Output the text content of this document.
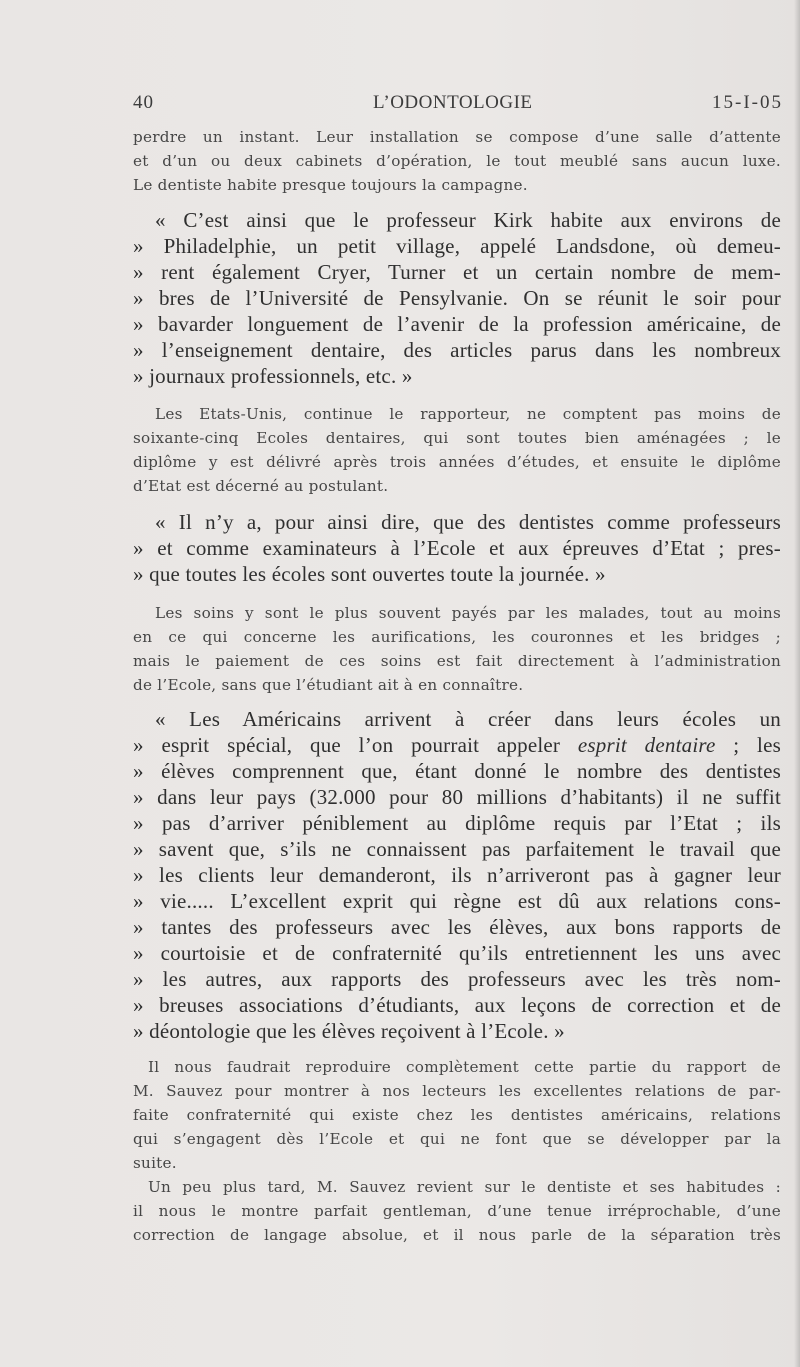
40	L’ODONTOLOGIE	15-I-05
perdre un instant. Leur installation se compose d’une salle d’attente
et d’un ou deux cabinets d’opération, le tout meublé sans aucun luxe.
Le dentiste habite presque toujours la campagne.
« C’est ainsi que le professeur Kirk habite aux environs de
» Philadelphie, un petit village, appelé Landsdone, où demeu-
» rent également Cryer, Turner et un certain nombre de mem-
» bres de l’Université de Pensylvanie. On se réunit le soir pour
» bavarder longuement de l’avenir de la profession américaine, de
» l’enseignement dentaire, des articles parus dans les nombreux
» journaux professionnels, etc. »
Les Etats-Unis, continue le rapporteur, ne comptent pas moins de
soixante-cinq Ecoles dentaires, qui sont toutes bien aménagées ; le
diplôme y est délivré après trois années d’études, et ensuite le diplôme
d’Etat est décerné au postulant.
« Il n’y a, pour ainsi dire, que des dentistes comme professeurs
» et comme examinateurs à l’Ecole et aux épreuves d’Etat ; pres-
» que toutes les écoles sont ouvertes toute la journée. »
Les soins y sont le plus souvent payés par les malades, tout au moins
en ce qui concerne les aurifications, les couronnes et les bridges ;
mais le paiement de ces soins est fait directement à l’administration
de l’Ecole, sans que l’étudiant ait à en connaître.
« Les Américains arrivent à créer dans leurs écoles un
» esprit spécial, que l’on pourrait appeler esprit dentaire ; les
» élèves comprennent que, étant donné le nombre des dentistes
» dans leur pays (32.000 pour 80 millions d’habitants) il ne suffit
» pas d’arriver péniblement au diplôme requis par l’Etat ; ils
» savent que, s’ils ne connaissent pas parfaitement le travail que
» les clients leur demanderont, ils n’arriveront pas à gagner leur
» vie..... L’excellent exprit qui règne est dû aux relations cons-
» tantes des professeurs avec les élèves, aux bons rapports de
» courtoisie et de confraternité qu’ils entretiennent les uns avec
» les autres, aux rapports des professeurs avec les très nom-
» breuses associations d’étudiants, aux leçons de correction et de
» déontologie que les élèves reçoivent à l’Ecole. »
Il nous faudrait reproduire complètement cette partie du rapport de
M. Sauvez pour montrer à nos lecteurs les excellentes relations de par-
faite confraternité qui existe chez les dentistes américains, relations
qui s’engagent dès l’Ecole et qui ne font que se développer par la
suite.
Un peu plus tard, M. Sauvez revient sur le dentiste et ses habitudes :
il nous le montre parfait gentleman, d’une tenue irréprochable, d’une
correction de langage absolue, et il nous parle de la séparation très
